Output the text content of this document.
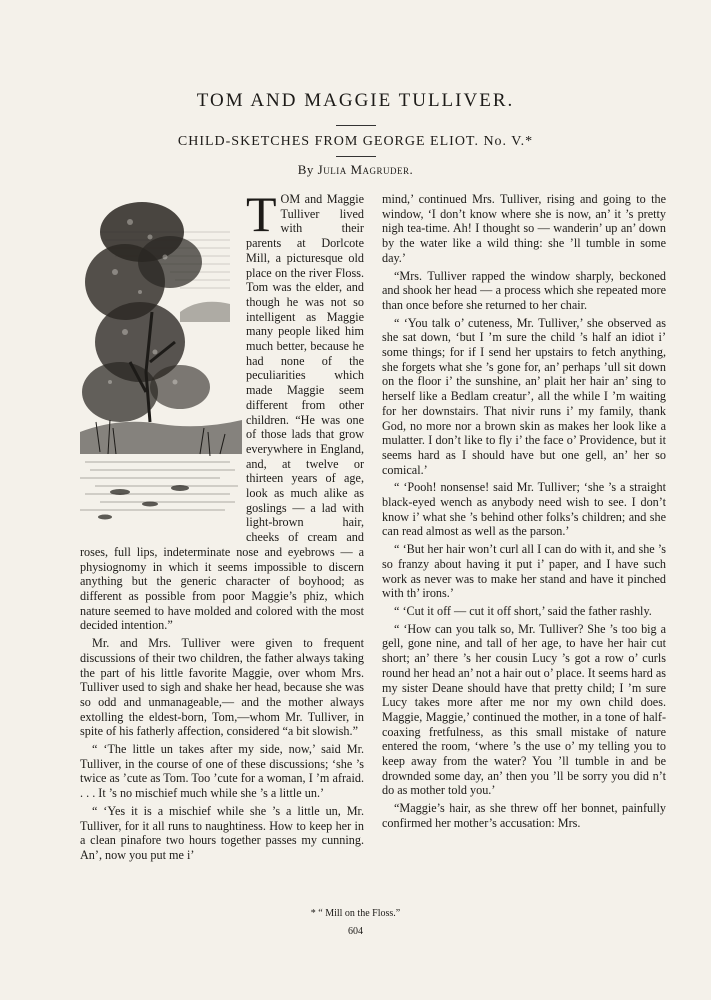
TOM AND MAGGIE TULLIVER.
CHILD-SKETCHES FROM GEORGE ELIOT. No. V.*
By Julia Magruder.
T OM and Maggie Tulliver lived with their parents at Dorlcote Mill, a picturesque old place on the river Floss. Tom was the elder, and though he was not so intelligent as Maggie many people liked him much better, because he had none of the peculiarities which made Maggie seem different from other children. “He was one of those lads that grow everywhere in England, and, at twelve or thirteen years of age, look as much alike as goslings — a lad with light-brown hair, cheeks of cream and roses, full lips, indeterminate nose and eyebrows — a physiognomy in which it seems impossible to discern anything but the generic character of boyhood; as different as possible from poor Maggie’s phiz, which nature seemed to have molded and colored with the most decided intention.”

Mr. and Mrs. Tulliver were given to frequent discussions of their two children, the father always taking the part of his little favorite Maggie, over whom Mrs. Tulliver used to sigh and shake her head, because she was so odd and unmanageable,— and the mother always extolling the eldest-born, Tom,—whom Mr. Tulliver, in spite of his fatherly affection, considered “a bit slowish.”

“ ‘The little un takes after my side, now,’ said Mr. Tulliver, in the course of one of these discussions; ‘she ’s twice as ’cute as Tom. Too ’cute for a woman, I ’m afraid. . . . It ’s no mischief much while she ’s a little un.’

“ ‘Yes it is a mischief while she ’s a little un, Mr. Tulliver, for it all runs to naughtiness. How to keep her in a clean pinafore two hours together passes my cunning. An’, now you put me i’

mind,’ continued Mrs. Tulliver, rising and going to the window, ‘I don’t know where she is now, an’ it ’s pretty nigh tea-time. Ah! I thought so — wanderin’ up an’ down by the water like a wild thing: she ’ll tumble in some day.’

“Mrs. Tulliver rapped the window sharply, beckoned and shook her head — a process which she repeated more than once before she returned to her chair.

“ ‘You talk o’ cuteness, Mr. Tulliver,’ she observed as she sat down, ‘but I ’m sure the child ’s half an idiot i’ some things; for if I send her upstairs to fetch anything, she forgets what she ’s gone for, an’ perhaps ’ull sit down on the floor i’ the sunshine, an’ plait her hair an’ sing to herself like a Bedlam creatur’, all the while I ’m waiting for her downstairs. That nivir runs i’ my family, thank God, no more nor a brown skin as makes her look like a mulatter. I don’t like to fly i’ the face o’ Providence, but it seems hard as I should have but one gell, an’ her so comical.’

“ ‘Pooh! nonsense! said Mr. Tulliver; ‘she ’s a straight black-eyed wench as anybody need wish to see. I don’t know i’ what she ’s behind other folks’s children; and she can read almost as well as the parson.’

“ ‘But her hair won’t curl all I can do with it, and she ’s so franzy about having it put i’ paper, and I have such work as never was to make her stand and have it pinched with th’ irons.’

“ ‘Cut it off — cut it off short,’ said the father rashly.

“ ‘How can you talk so, Mr. Tulliver? She ’s too big a gell, gone nine, and tall of her age, to have her hair cut short; an’ there ’s her cousin Lucy ’s got a row o’ curls round her head an’ not a hair out o’ place. It seems hard as my sister Deane should have that pretty child; I ’m sure Lucy takes more after me nor my own child does. Maggie, Maggie,’ continued the mother, in a tone of half-coaxing fretfulness, as this small mistake of nature entered the room, ‘where ’s the use o’ my telling you to keep away from the water? You ’ll tumble in and be drownded some day, an’ then you ’ll be sorry you did n’t do as mother told you.’

“Maggie’s hair, as she threw off her bonnet, painfully confirmed her mother’s accusation: Mrs.

* “ Mill on the Floss.”
604
